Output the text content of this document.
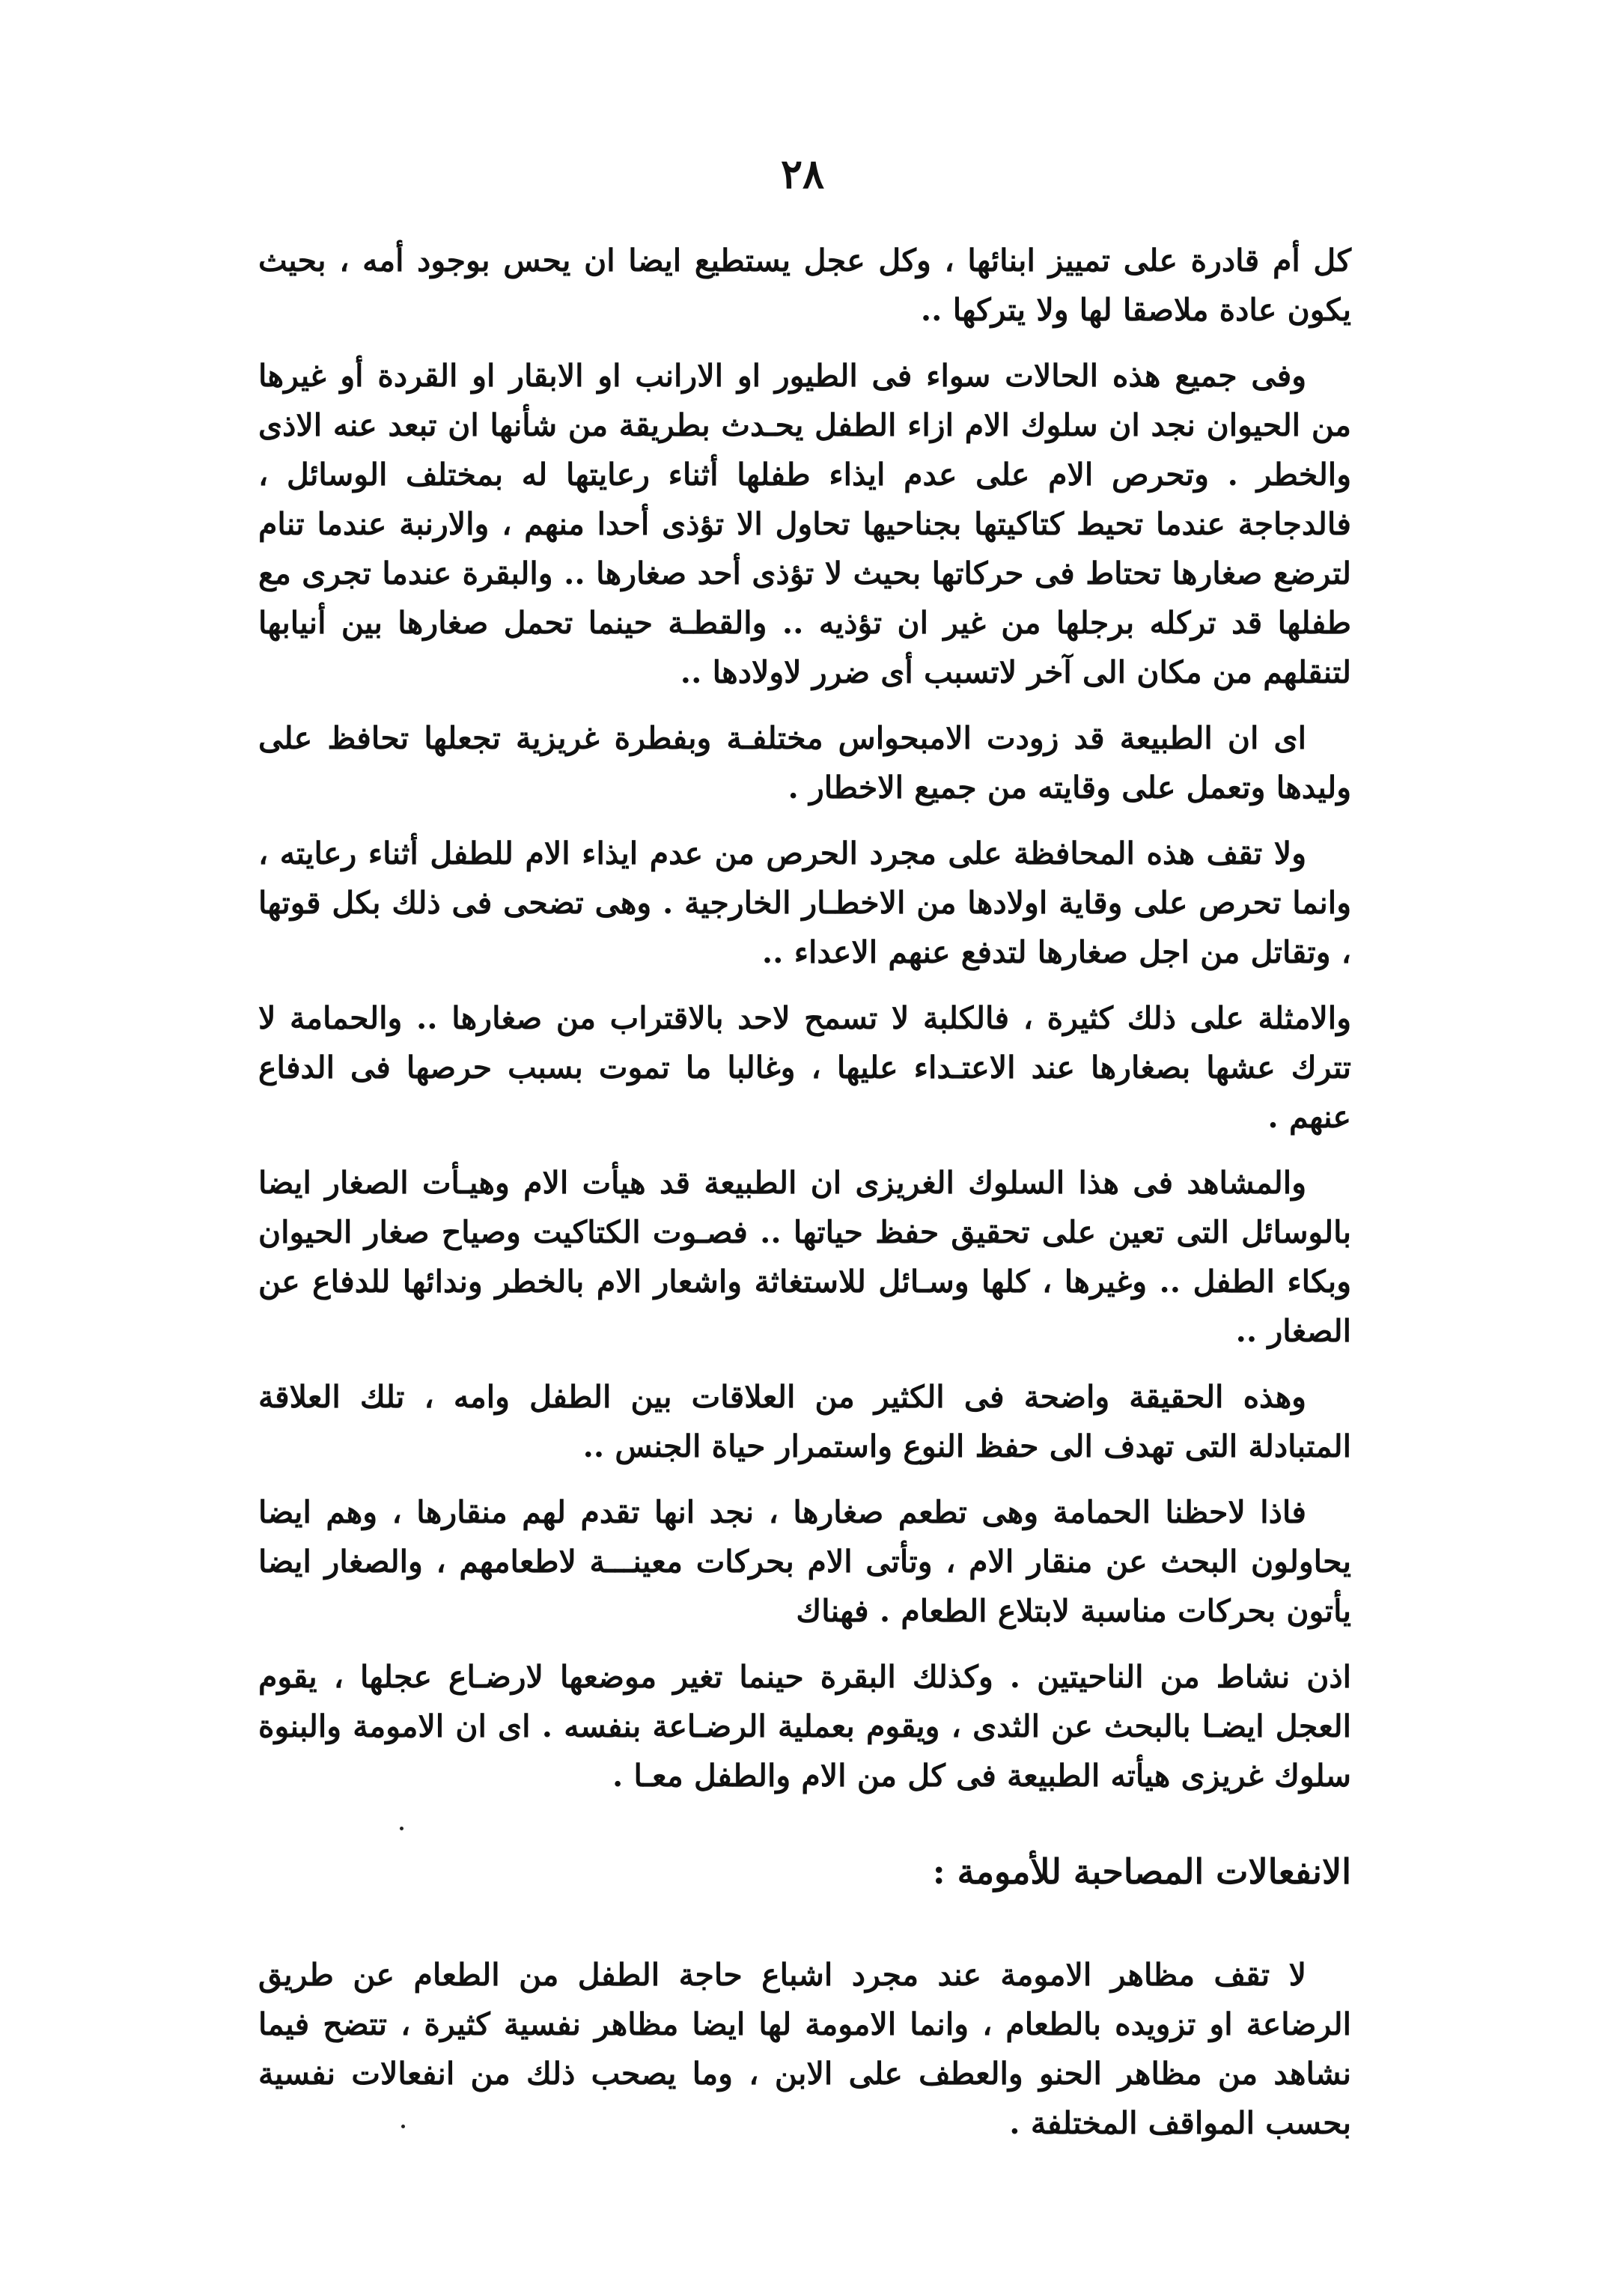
٢٨

كل أم قادرة على تمييز ابنائها ، وكل عجل يستطيع ايضا ان يحس بوجود أمه ، بحيث يكون عادة ملاصقا لها ولا يتركها ..

وفى جميع هذه الحالات سواء فى الطيور او الارانب او الابقار او القردة أو غيرها من الحيوان نجد ان سلوك الام ازاء الطفل يحـدث بطريقة من شأنها ان تبعد عنه الاذى والخطر . وتحرص الام على عدم ايذاء طفلها أثناء رعايتها له بمختلف الوسائل ، فالدجاجة عندما تحيط كتاكيتها بجناحيها تحاول الا تؤذى أحدا منهم ، والارنبة عندما تنام لترضع صغارها تحتاط فى حركاتها بحيث لا تؤذى أحد صغارها .. والبقرة عندما تجرى مع طفلها قد تركله برجلها من غير ان تؤذيه .. والقطـة حينما تحمل صغارها بين أنيابها لتنقلهم من مكان الى آخر لاتسبب أى ضرر لاولادها ..

اى ان الطبيعة قد زودت الامبحواس مختلفـة وبفطرة غريزية تجعلها تحافظ على وليدها وتعمل على وقايته من جميع الاخطار .

ولا تقف هذه المحافظة على مجرد الحرص من عدم ايذاء الام للطفل أثناء رعايته ، وانما تحرص على وقاية اولادها من الاخطـار الخارجية . وهى تضحى فى ذلك بكل قوتها ، وتقاتل من اجل صغارها لتدفع عنهم الاعداء ..

والامثلة على ذلك كثيرة ، فالكلبة لا تسمح لاحد بالاقتراب من صغارها .. والحمامة لا تترك عشها بصغارها عند الاعتـداء عليها ، وغالبا ما تموت بسبب حرصها فى الدفاع عنهم .

والمشاهد فى هذا السلوك الغريزى ان الطبيعة قد هيأت الام وهيـأت الصغار ايضا بالوسائل التى تعين على تحقيق حفظ حياتها .. فصـوت الكتاكيت وصياح صغار الحيوان وبكاء الطفل .. وغيرها ، كلها وسـائل للاستغاثة واشعار الام بالخطر وندائها للدفاع عن الصغار ..

وهذه الحقيقة واضحة فى الكثير من العلاقات بين الطفل وامه ، تلك العلاقة المتبادلة التى تهدف الى حفظ النوع واستمرار حياة الجنس ..

فاذا لاحظنا الحمامة وهى تطعم صغارها ، نجد انها تقدم لهم منقارها ، وهم ايضا يحاولون البحث عن منقار الام ، وتأتى الام بحركات معينـــة لاطعامهم ، والصغار ايضا يأتون بحركات مناسبة لابتلاع الطعام . فهناك

اذن نشاط من الناحيتين . وكذلك البقرة حينما تغير موضعها لارضـاع عجلها ، يقوم العجل ايضـا بالبحث عن الثدى ، ويقوم بعملية الرضـاعة بنفسه . اى ان الامومة والبنوة سلوك غريزى هيأته الطبيعة فى كل من الام والطفل معـا .

الانفعالات المصاحبة للأمومة :

لا تقف مظاهر الامومة عند مجرد اشباع حاجة الطفل من الطعام عن طريق الرضاعة او تزويده بالطعام ، وانما الامومة لها ايضا مظاهر نفسية كثيرة ، تتضح فيما نشاهد من مظاهر الحنو والعطف على الابن ، وما يصحب ذلك من انفعالات نفسية بحسب المواقف المختلفة .
